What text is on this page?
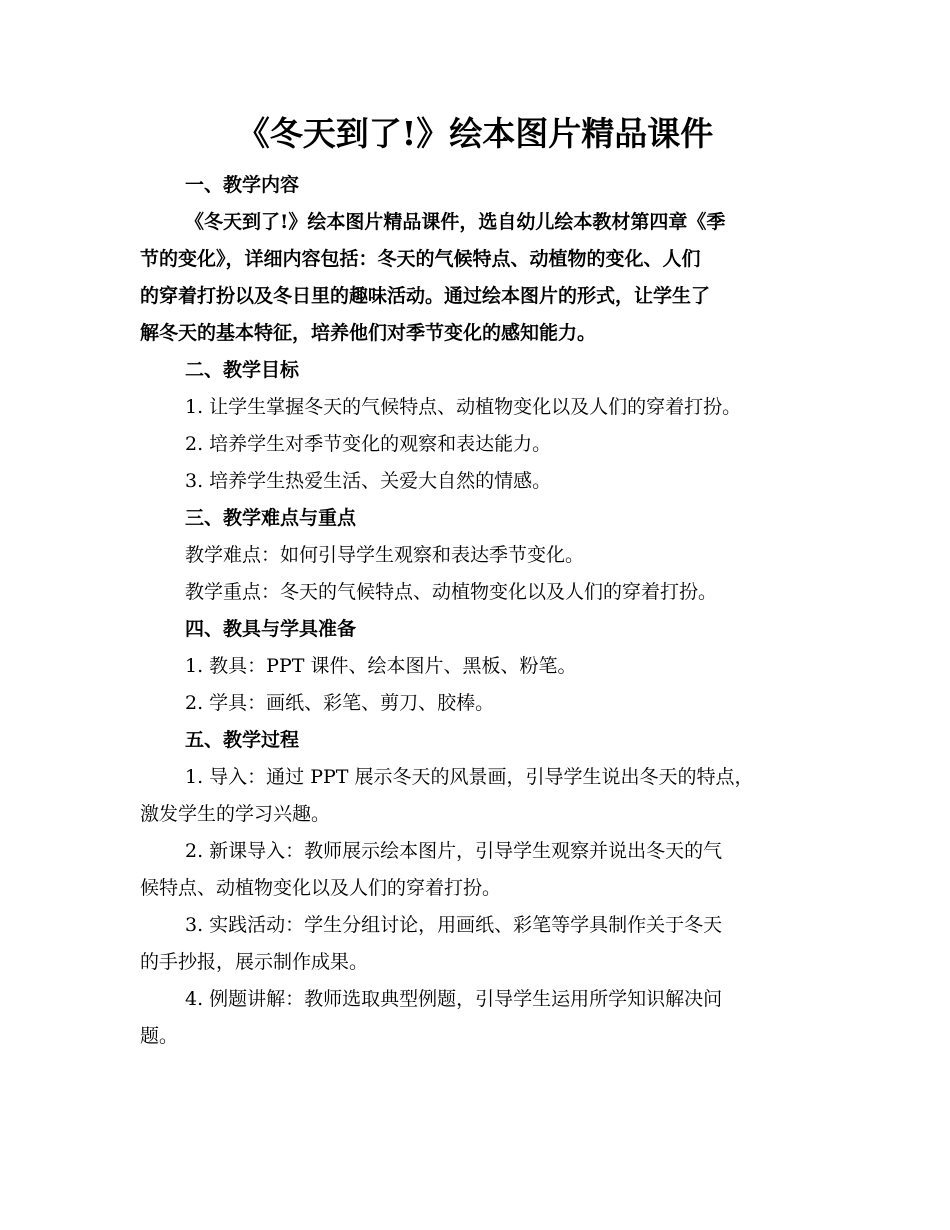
《冬天到了!》绘本图片精品课件
一、教学内容
《冬天到了!》绘本图片精品课件，选自幼儿绘本教材第四章《季
节的变化》，详细内容包括：冬天的气候特点、动植物的变化、人们
的穿着打扮以及冬日里的趣味活动。通过绘本图片的形式，让学生了
解冬天的基本特征，培养他们对季节变化的感知能力。
二、教学目标
1. 让学生掌握冬天的气候特点、动植物变化以及人们的穿着打扮。
2. 培养学生对季节变化的观察和表达能力。
3. 培养学生热爱生活、关爱大自然的情感。
三、教学难点与重点
教学难点：如何引导学生观察和表达季节变化。
教学重点：冬天的气候特点、动植物变化以及人们的穿着打扮。
四、教具与学具准备
1. 教具：PPT 课件、绘本图片、黑板、粉笔。
2. 学具：画纸、彩笔、剪刀、胶棒。
五、教学过程
1. 导入：通过 PPT 展示冬天的风景画，引导学生说出冬天的特点，
激发学生的学习兴趣。
2. 新课导入：教师展示绘本图片，引导学生观察并说出冬天的气
候特点、动植物变化以及人们的穿着打扮。
3. 实践活动：学生分组讨论，用画纸、彩笔等学具制作关于冬天
的手抄报，展示制作成果。
4. 例题讲解：教师选取典型例题，引导学生运用所学知识解决问
题。
